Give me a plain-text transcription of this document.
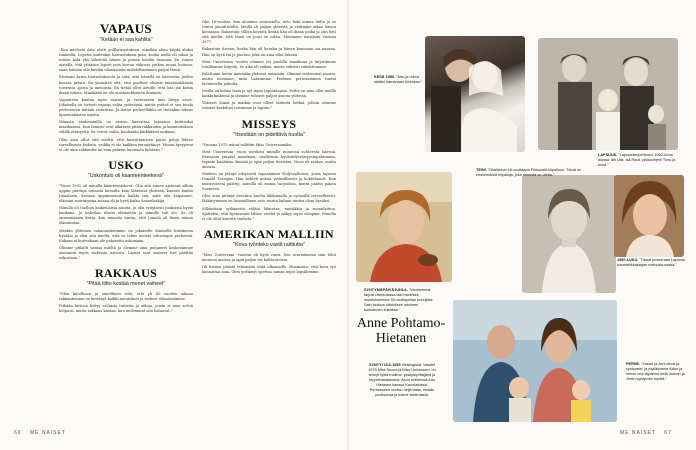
VAPAUS
"Ketään ei saa kahlita"

"Kun mielestä Arto alotti golfharrastuksen, minäkin aloin käydä aluksi tunneilla. Lopetin kuitenkin harrastuksen pian, koska mellä oli aikaa ja toinen koki yhä lähentää hänen ja poissa heidän luonaan. En voinut ajatella, että jättäisin lapset pois kertaa viikossa jonkun muun hoitoon, vaan halusin olla heidän elämässään mahdollisimman paljon läsnä.

Erotaani Arton harrastuksesta ja siitä, että hänellä on kavereita, joiden kanssa pelata. En ymmärrä sitä, että puolisot olisivat mustasukkaisia toistensa ajasta ja menoista. En tietää ollut Artolle, että hän jää kotiin ilman minua. Minäkään en ole mustasukkainen ihminen.

Vapauteen kuuluu myös vastuu, ja vastuuseen taas liittyy arvot. Jokaisella on tietysti vapaus valita ystävänsä, mutta ystävä ei saa tuoda perheeseen mitään ristiriitaa. Ja Arton perheelläkin on tietenkin oikeus kyseenalaistaa asioita.

Minusta vanhemmilla on vastuu kasvattaa lapsensa kriittisiksi maailmassa. Kun ihmiset ovat alkaneet pitää rakkauden ja kunnioituksen välillä etäisyyttä, he voivat valita, kauhaako kärkkäästi mukaan.

Olen aina ollut sitä mieltä, että kasvattamisen paras pohja lähtee turvallisesta kodista, vaikka ei ole kaikkea ymmärtänyt. Minun hyvyyteni ei ole aina rakkautta tai vain poliisin huomiota kohtaan."

USKO
"Uskontulo oli kaanteenteekevä"

"Vuosi 1992 oli minulle käänteentekevä. Olin sitä ennen ajatunut silloin uppiin parituja erilaista kuvailta kuin lähteissä yhdessä, kunnes kuulin Jumalasta. Kuvaan uppiminetuitta kaikki sen, mitä olin kaipannut, elämäni suurimpana asiana oli ja hyvä kaiku Sananlaskija.

Minulla oli tuolloin kaikenlaisia asioita, ja olin erityisesti joukoista hyvin kaukana. Jo kahvilan tilasta eläimetön ja minulle tuli olo. Se oli ensimmäinen kerta, kun minusta tuntui, että Jumala oli läsnä minun elämässäni.

Meidän yhteinen vakaumuksemme on jokaiselle ihmiselle kiitoksena hyväksi ja olen sitä mieltä, että se tekee meistä vahvempia perheenä. Kukaan ei kuitenkaan ole pakotettu uskomaan.

Olimme pitkälti samaa mieltä ja olemme aina puhuneet keskenämme avoimesti myös vaikeista asioista. Lapset ovat saaneet itse päättää uskostaan."

RAKKAUS
"Pitää tiitto kestää monet vaiheet"

"Olen kiitollinen ja onnellinen siitä, että yli 40 vuoden aikana rakkautemme on kestänyt kaikki muutokset ja vaiheet elämässämme.

Pitkään liittoon liittyy erilaisia tunteita ja aikoja, joista ei aina selviä helposti, mutta rakkaus kantaa, kun molemmat sitä haluavat."

Olin 16-vuotias, kun aloimme seurustella. Arto haki minua tieltä ja se tuntui jännittävältä. Meillä oli paljon yhteistä ja vietimme aikaa hänen kotonaan. Rakastuin silloin kovasti, koska hän oli ihana poika ja olin heti sitä mieltä, että tämä on juuri se oikea. Menimme naimisiin vuonna 1977.

Rakastuin Artoon, koska hän oli hauska ja hänen kanssaan sai nauraa. Hän on hyvä isä ja puoliso, joka on aina ollut tukena.

Miss Universum -vuotta olimme eri puolilla maailmaa ja kirjoitimme toisillemme kirjeitä. Se aika oli vaikea, mutta vahvisti suhdettamme.

Palattuani kotiin mennään yhdessä naimisiin. Olimme molemmat nuoria, mutta tiesimme, mitä halusimme. Perheen perustaminen tuntui luontevalta jatkolta.

Meillä on kolme lasta ja nyt myös lapsenlapsia. Perhe on aina ollut meille kaikki kaikessa ja olemme tehneet paljon asioita yhdessä.

Yhteiset lomat ja matkat ovat olleet tärkeitä hetkiä, jolloin olemme voineet keskittyä toisiimme ja lapsiin."

MISSEYS
"Itsestään on pidettävä huolta"

"Vuonna 1975 minut valittiin Miss Universumiksi.

Miss Universum -vuosi merkitsi minulle monessa suhteessa kasvua. Reissasin ympäri maailmaa, osallistuin hyväntekeväisyystapahtumiin, tapasin kuuluisia ihmisiä ja opin paljon itsestäni. Vuosi oli raskas, mutta antoisa.

Mieleen on jäänyt erityisesti tapaaminen Yhdysvalloissa, jossa tapasin Donald Trumpin. Hän kohteli minua ystävällisesti ja kohteliaasti. Kun missivuoteni päättyi, minulla oli monia tarjouksia, mutta päätin palata Suomeen.

Olen aina pitänyt itsestäni huolta liikkumalla ja syömällä terveellisesti. Ikääntyminen on luonnollinen asia, mutta haluan tuntea oloni hyväksi.

Sillointtain sydämestä välitin liikuntaa, musiikkia ja ruoanlaittoa. Ajattelen, että hyvinvointi lähtee sisältä ja näkyy myös ulospäin. Minulla ei ole ollut kiirettä vanheta."

AMERIKAN MALLIIN
"Kova työnteko vastit raittiutta"

"Miss Universum -vuoteni oli hyvä vuosi. Sen seurauksena sain töitä monissa maissa ja opin paljon eri kulttuureista.

Oli hienoa päästä tekemään töitä ulkomaille. Huomasin, että kova työ kannattaa aina. Olen yrittänyt opettaa saman myös lapsillemme.

66 ME NAISET
KESÄ 1980. "Arto ja minut otettiin kamanaan Kirkossa."
LAPSUUS. "Lapsuudenperheeni 1960-luvun alussa, äiti Ulla, isä Rauli, pikkuveljeni Timo ja minä."
TEINI. "Osallistuin 16-vuotiaana Pikkuneiti-kilpailuun. Tämä on ensimmäisiä kilpailuja, joka minusta on otettu."
SYNTYMÄPÄIVÄJUHLA. "Vanhemmat tarjosi ravintolassa taki mielessä muistoksemme 50-vuotisjuhlan puhujista. Sain lauluun sähköisen istuimen kolmannen kukassa."
1980-LUKU. "Tässä poseeraan Laponia-kosmetiikkasarjan mainoskuvassa."
Anne Pohtamo-Hietanen
SYNTYI 15.6.1955 Helsingissä. Vaadet 1975 Miss Suomi ja Miss Universum, on tehnyt työtä mallina, yksityisyrittäjänä ja myyntivastaavana. Asuu miehensä Arto Hietasen kanssa Kauniaisissa. Perheeseen kuuluu neljä lasta, heidän puolisonsa ja kolme lastenlasta.
PERHE. "Jessie ja Jeni olivat ja syntyneet, ja mylläsimme Arton ja minun omi täydensi vielä Jasmin ja Jeren syntymän myötä."
ME NAISET 67
